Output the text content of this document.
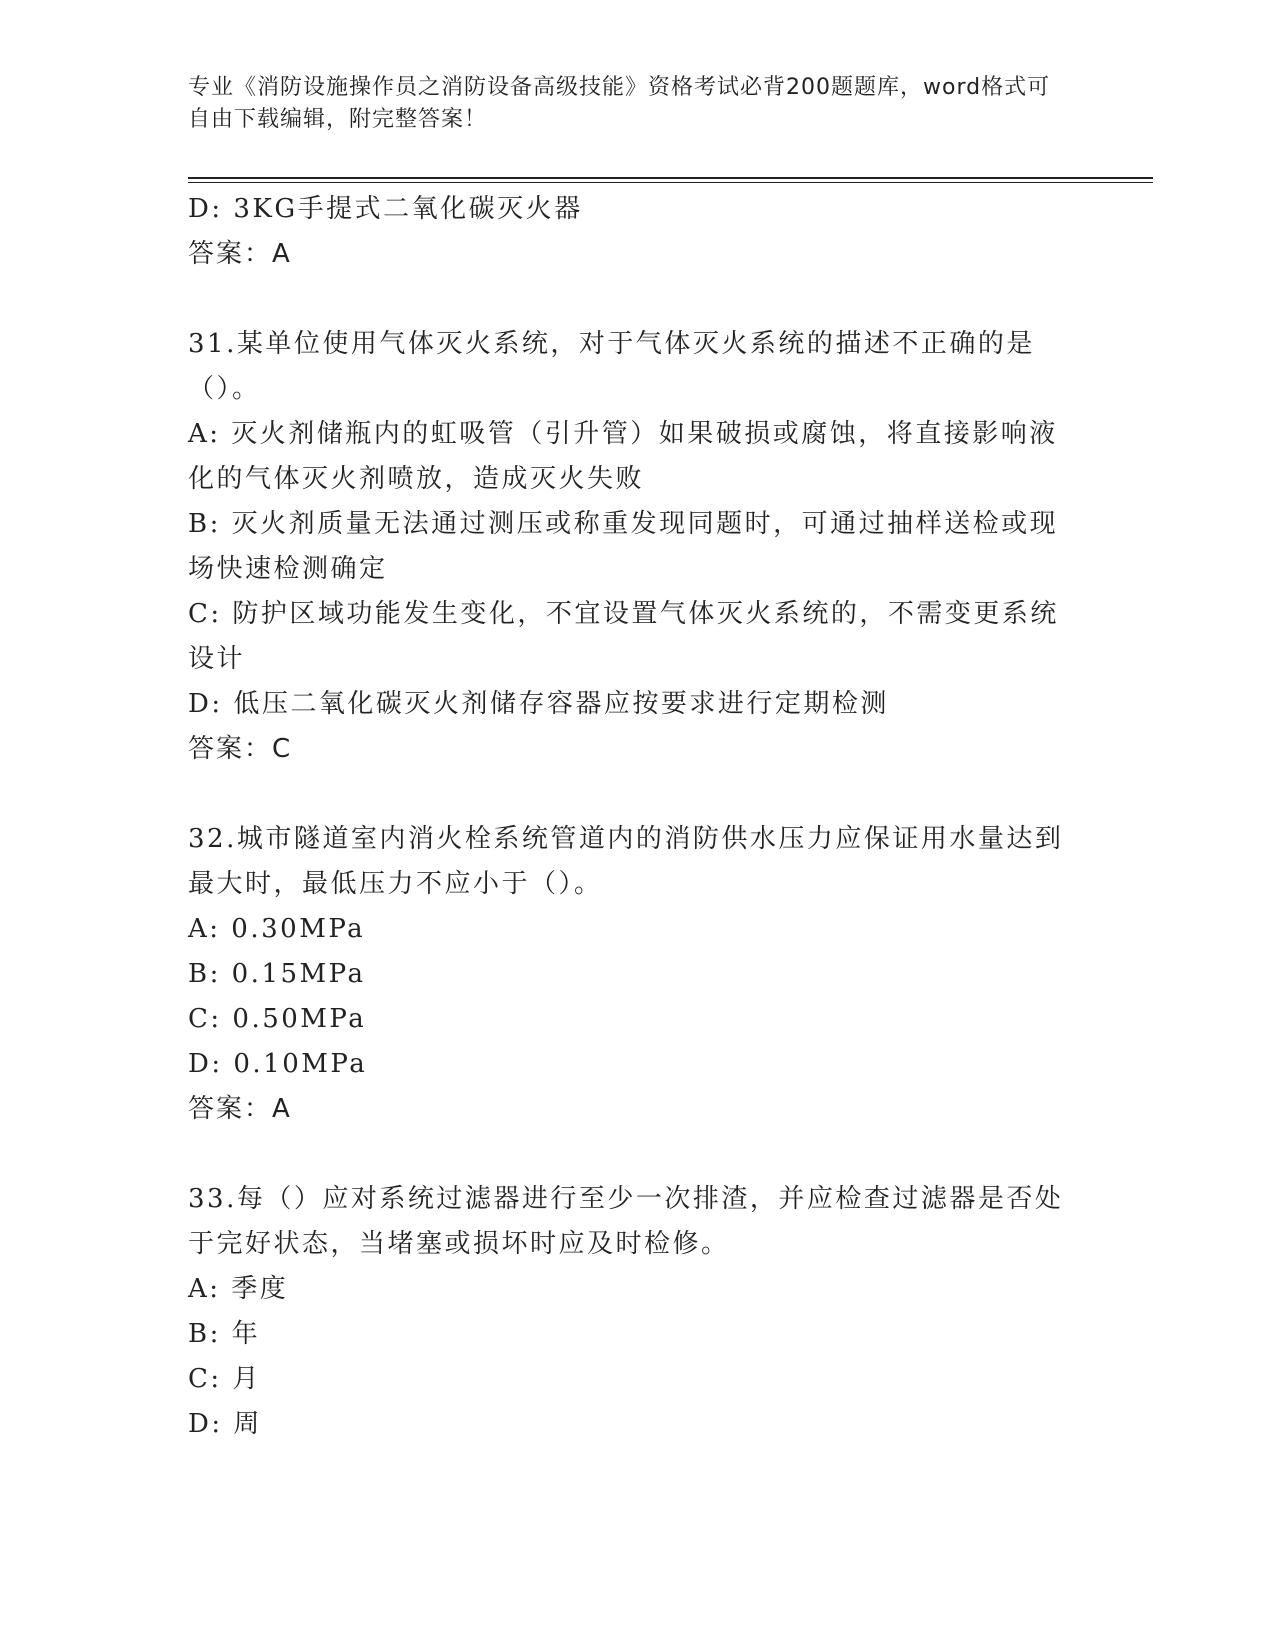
专业《消防设施操作员之消防设备高级技能》资格考试必背200题题库，word格式可自由下载编辑，附完整答案！
D: 3KG手提式二氧化碳灭火器
答案：A
31.某单位使用气体灭火系统，对于气体灭火系统的描述不正确的是（）。
A: 灭火剂储瓶内的虹吸管（引升管）如果破损或腐蚀，将直接影响液化的气体灭火剂喷放，造成灭火失败
B: 灭火剂质量无法通过测压或称重发现同题时，可通过抽样送检或现场快速检测确定
C: 防护区域功能发生变化，不宜设置气体灭火系统的，不需变更系统设计
D: 低压二氧化碳灭火剂储存容器应按要求进行定期检测
答案：C
32.城市隧道室内消火栓系统管道内的消防供水压力应保证用水量达到最大时，最低压力不应小于（）。
A: 0.30MPa
B: 0.15MPa
C: 0.50MPa
D: 0.10MPa
答案：A
33.每（）应对系统过滤器进行至少一次排渣，并应检查过滤器是否处于完好状态，当堵塞或损坏时应及时检修。
A: 季度
B: 年
C: 月
D: 周
